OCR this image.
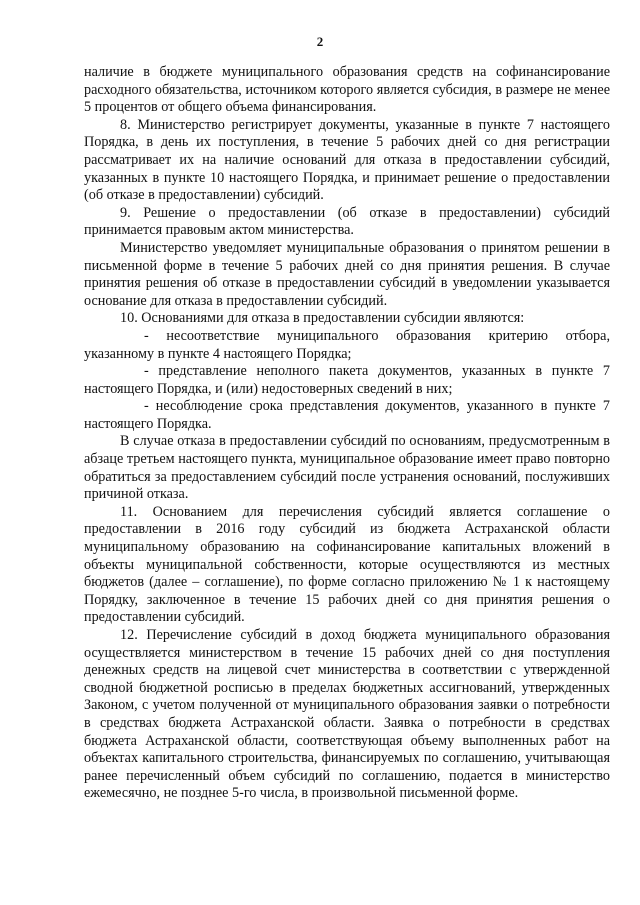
2

наличие в бюджете муниципального образования средств на софинансирование расходного обязательства, источником которого является субсидия, в размере не менее 5 процентов от общего объема финансирования.

8. Министерство регистрирует документы, указанные в пункте 7 настоящего Порядка, в день их поступления, в течение 5 рабочих дней со дня регистрации рассматривает их на наличие оснований для отказа в предоставлении субсидий, указанных в пункте 10 настоящего Порядка, и принимает решение о предоставлении (об отказе в предоставлении) субсидий.

9. Решение о предоставлении (об отказе в предоставлении) субсидий принимается правовым актом министерства.

Министерство уведомляет муниципальные образования о принятом решении в письменной форме в течение 5 рабочих дней со дня принятия решения. В случае принятия решения об отказе в предоставлении субсидий в уведомлении указывается основание для отказа в предоставлении субсидий.

10. Основаниями для отказа в предоставлении субсидии являются:

- несоответствие муниципального образования критерию отбора, указанному в пункте 4 настоящего Порядка;

- представление неполного пакета документов, указанных в пункте 7 настоящего Порядка, и (или) недостоверных сведений в них;

- несоблюдение срока представления документов, указанного в пункте 7 настоящего Порядка.

В случае отказа в предоставлении субсидий по основаниям, предусмотренным в абзаце третьем настоящего пункта, муниципальное образование имеет право повторно обратиться за предоставлением субсидий после устранения оснований, послуживших причиной отказа.

11. Основанием для перечисления субсидий является соглашение о предоставлении в 2016 году субсидий из бюджета Астраханской области муниципальному образованию на софинансирование капитальных вложений в объекты муниципальной собственности, которые осуществляются из местных бюджетов (далее – соглашение), по форме согласно приложению № 1 к настоящему Порядку, заключенное в течение 15 рабочих дней со дня принятия решения о предоставлении субсидий.

12. Перечисление субсидий в доход бюджета муниципального образования осуществляется министерством в течение 15 рабочих дней со дня поступления денежных средств на лицевой счет министерства в соответствии с утвержденной сводной бюджетной росписью в пределах бюджетных ассигнований, утвержденных Законом, с учетом полученной от муниципального образования заявки о потребности в средствах бюджета Астраханской области. Заявка о потребности в средствах бюджета Астраханской области, соответствующая объему выполненных работ на объектах капитального строительства, финансируемых по соглашению, учитывающая ранее перечисленный объем субсидий по соглашению, подается в министерство ежемесячно, не позднее 5-го числа, в произвольной письменной форме.
